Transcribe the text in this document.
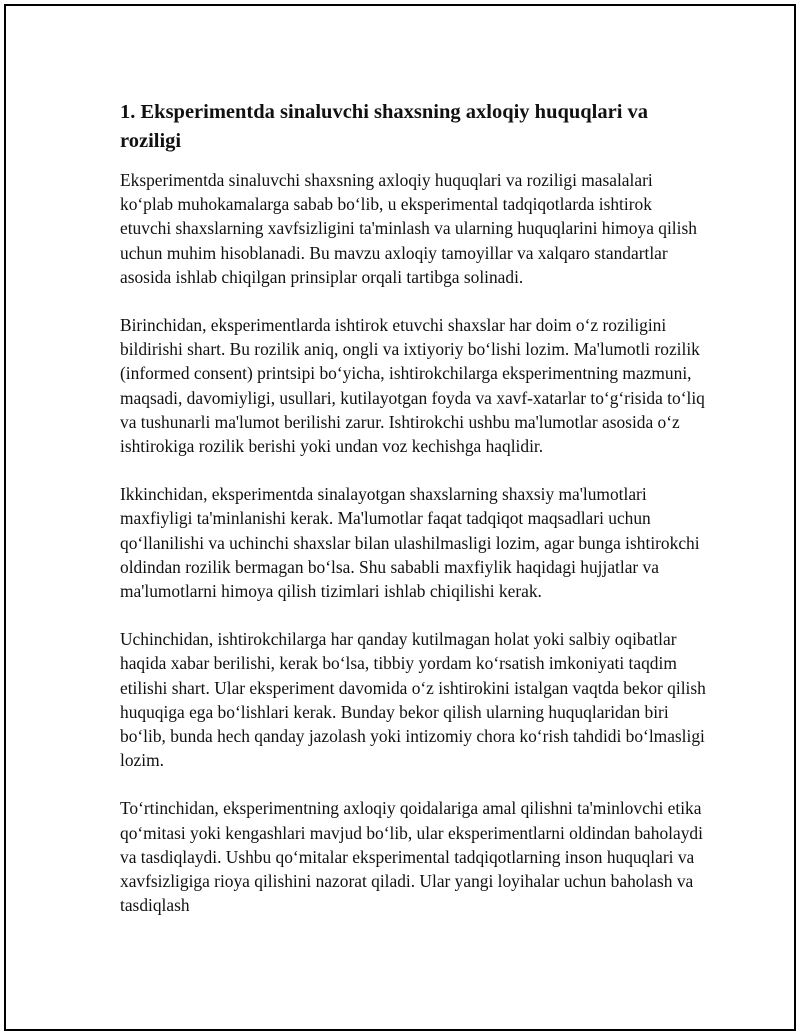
1. Eksperimentda sinaluvchi shaxsning axloqiy huquqlari va roziligi

Eksperimentda sinaluvchi shaxsning axloqiy huquqlari va roziligi masalalari ko‘plab muhokamalarga sabab bo‘lib, u eksperimental tadqiqotlarda ishtirok etuvchi shaxslarning xavfsizligini ta'minlash va ularning huquqlarini himoya qilish uchun muhim hisoblanadi. Bu mavzu axloqiy tamoyillar va xalqaro standartlar asosida ishlab chiqilgan prinsiplar orqali tartibga solinadi.

Birinchidan, eksperimentlarda ishtirok etuvchi shaxslar har doim o‘z roziligini bildirishi shart. Bu rozilik aniq, ongli va ixtiyoriy bo‘lishi lozim. Ma'lumotli rozilik (informed consent) printsipi bo‘yicha, ishtirokchilarga eksperimentning mazmuni, maqsadi, davomiyligi, usullari, kutilayotgan foyda va xavf-xatarlar to‘g‘risida to‘liq va tushunarli ma'lumot berilishi zarur. Ishtirokchi ushbu ma'lumotlar asosida o‘z ishtirokiga rozilik berishi yoki undan voz kechishga haqlidir.

Ikkinchidan, eksperimentda sinalayotgan shaxslarning shaxsiy ma'lumotlari maxfiyligi ta'minlanishi kerak. Ma'lumotlar faqat tadqiqot maqsadlari uchun qo‘llanilishi va uchinchi shaxslar bilan ulashilmasligi lozim, agar bunga ishtirokchi oldindan rozilik bermagan bo‘lsa. Shu sababli maxfiylik haqidagi hujjatlar va ma'lumotlarni himoya qilish tizimlari ishlab chiqilishi kerak.

Uchinchidan, ishtirokchilarga har qanday kutilmagan holat yoki salbiy oqibatlar haqida xabar berilishi, kerak bo‘lsa, tibbiy yordam ko‘rsatish imkoniyati taqdim etilishi shart. Ular eksperiment davomida o‘z ishtirokini istalgan vaqtda bekor qilish huquqiga ega bo‘lishlari kerak. Bunday bekor qilish ularning huquqlaridan biri bo‘lib, bunda hech qanday jazolash yoki intizomiy chora ko‘rish tahdidi bo‘lmasligi lozim.

To‘rtinchidan, eksperimentning axloqiy qoidalariga amal qilishni ta'minlovchi etika qo‘mitasi yoki kengashlari mavjud bo‘lib, ular eksperimentlarni oldindan baholaydi va tasdiqlaydi. Ushbu qo‘mitalar eksperimental tadqiqotlarning inson huquqlari va xavfsizligiga rioya qilishini nazorat qiladi. Ular yangi loyihalar uchun baholash va tasdiqlash
